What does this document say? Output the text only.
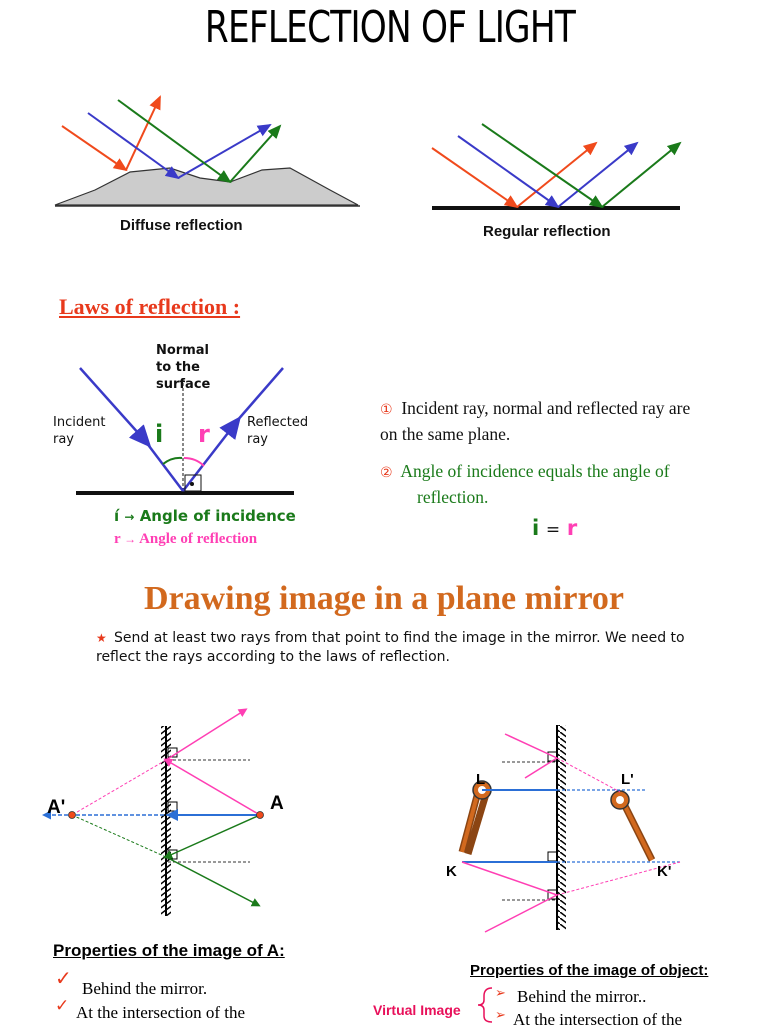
REFLECTION OF LIGHT
Diffuse reflection	Regular reflection
Laws of reflection :
Normal
to the
surface
Incident
ray
Reflected
ray
i r
í → Angle of incidence
r → Angle of reflection
① Incident ray, normal and reflected ray are
on the same plane.
② Angle of incidence equals the angle of
reflection.
i = r
Drawing image in a plane mirror
★ Send at least two rays from that point to find the image in the mirror. We need to reflect the rays according to the laws of reflection.
A
A'
L	L'
K	K'
Properties of the image of A:
✓ Behind the mirror.
✓ At the intersection of the
Properties of the image of object:
Virtual Image
➢ Behind the mirror..
➢ At the intersection of the
